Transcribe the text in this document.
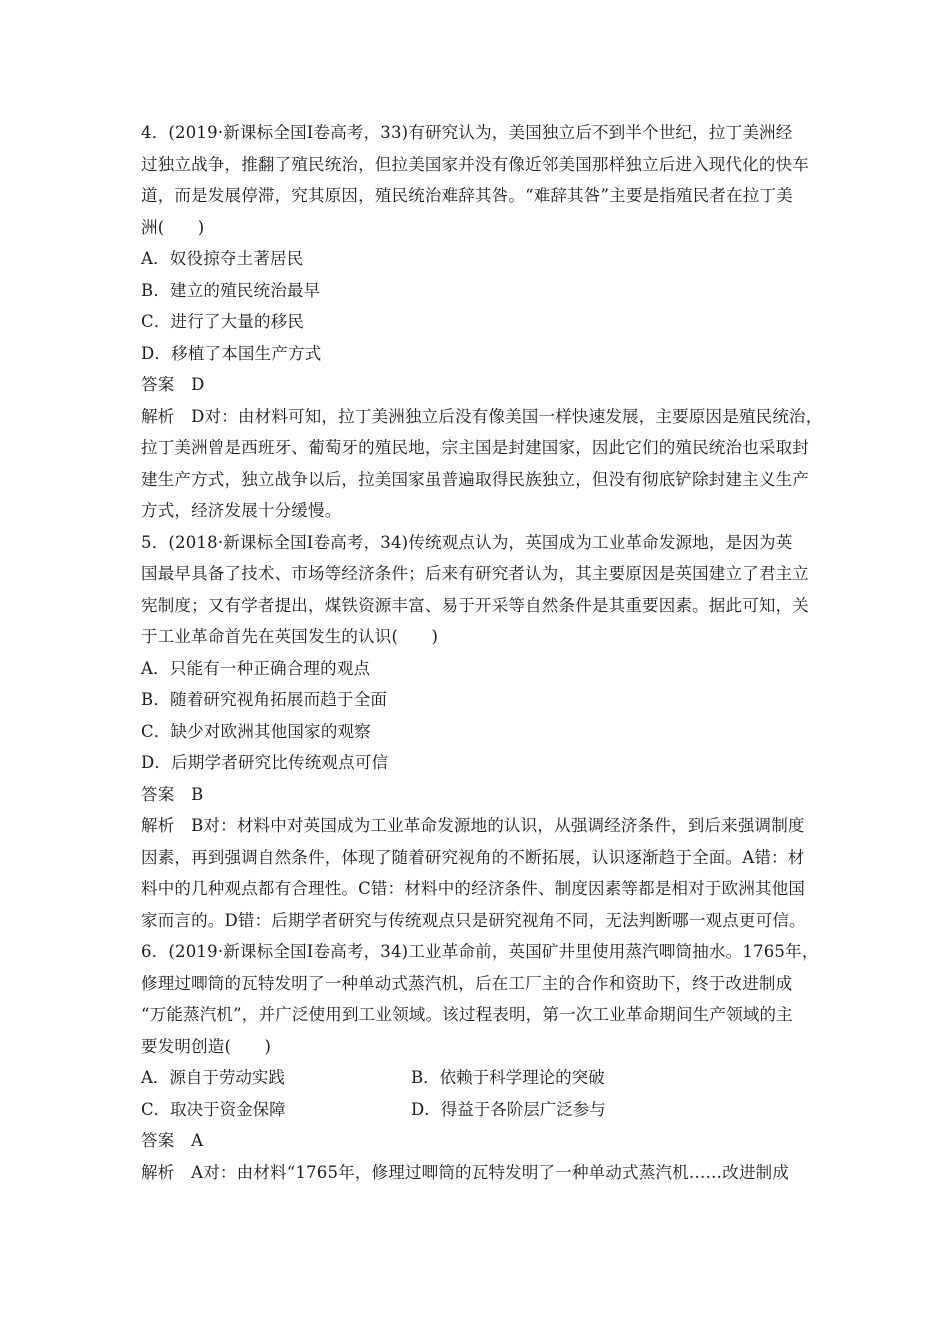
4．(2019·新课标全国Ⅰ卷高考，33)有研究认为，美国独立后不到半个世纪，拉丁美洲经
过独立战争，推翻了殖民统治，但拉美国家并没有像近邻美国那样独立后进入现代化的快车
道，而是发展停滞，究其原因，殖民统治难辞其咎。“难辞其咎”主要是指殖民者在拉丁美
洲(　　)
A．奴役掠夺土著居民
B．建立的殖民统治最早
C．进行了大量的移民
D．移植了本国生产方式
答案　D
解析　D对：由材料可知，拉丁美洲独立后没有像美国一样快速发展，主要原因是殖民统治，
拉丁美洲曾是西班牙、葡萄牙的殖民地，宗主国是封建国家，因此它们的殖民统治也采取封
建生产方式，独立战争以后，拉美国家虽普遍取得民族独立，但没有彻底铲除封建主义生产
方式，经济发展十分缓慢。
5．(2018·新课标全国Ⅰ卷高考，34)传统观点认为，英国成为工业革命发源地，是因为英
国最早具备了技术、市场等经济条件；后来有研究者认为，其主要原因是英国建立了君主立
宪制度；又有学者提出，煤铁资源丰富、易于开采等自然条件是其重要因素。据此可知，关
于工业革命首先在英国发生的认识(　　)
A．只能有一种正确合理的观点
B．随着研究视角拓展而趋于全面
C．缺少对欧洲其他国家的观察
D．后期学者研究比传统观点可信
答案　B
解析　B对：材料中对英国成为工业革命发源地的认识，从强调经济条件，到后来强调制度
因素，再到强调自然条件，体现了随着研究视角的不断拓展，认识逐渐趋于全面。A错：材
料中的几种观点都有合理性。C错：材料中的经济条件、制度因素等都是相对于欧洲其他国
家而言的。D错：后期学者研究与传统观点只是研究视角不同，无法判断哪一观点更可信。
6．(2019·新课标全国Ⅰ卷高考，34)工业革命前，英国矿井里使用蒸汽唧筒抽水。1765年，
修理过唧筒的瓦特发明了一种单动式蒸汽机，后在工厂主的合作和资助下，终于改进制成
“万能蒸汽机”，并广泛使用到工业领域。该过程表明，第一次工业革命期间生产领域的主
要发明创造(　　)
A．源自于劳动实践	B．依赖于科学理论的突破
C．取决于资金保障	D．得益于各阶层广泛参与
答案　A
解析　A对：由材料“1765年，修理过唧筒的瓦特发明了一种单动式蒸汽机……改进制成
